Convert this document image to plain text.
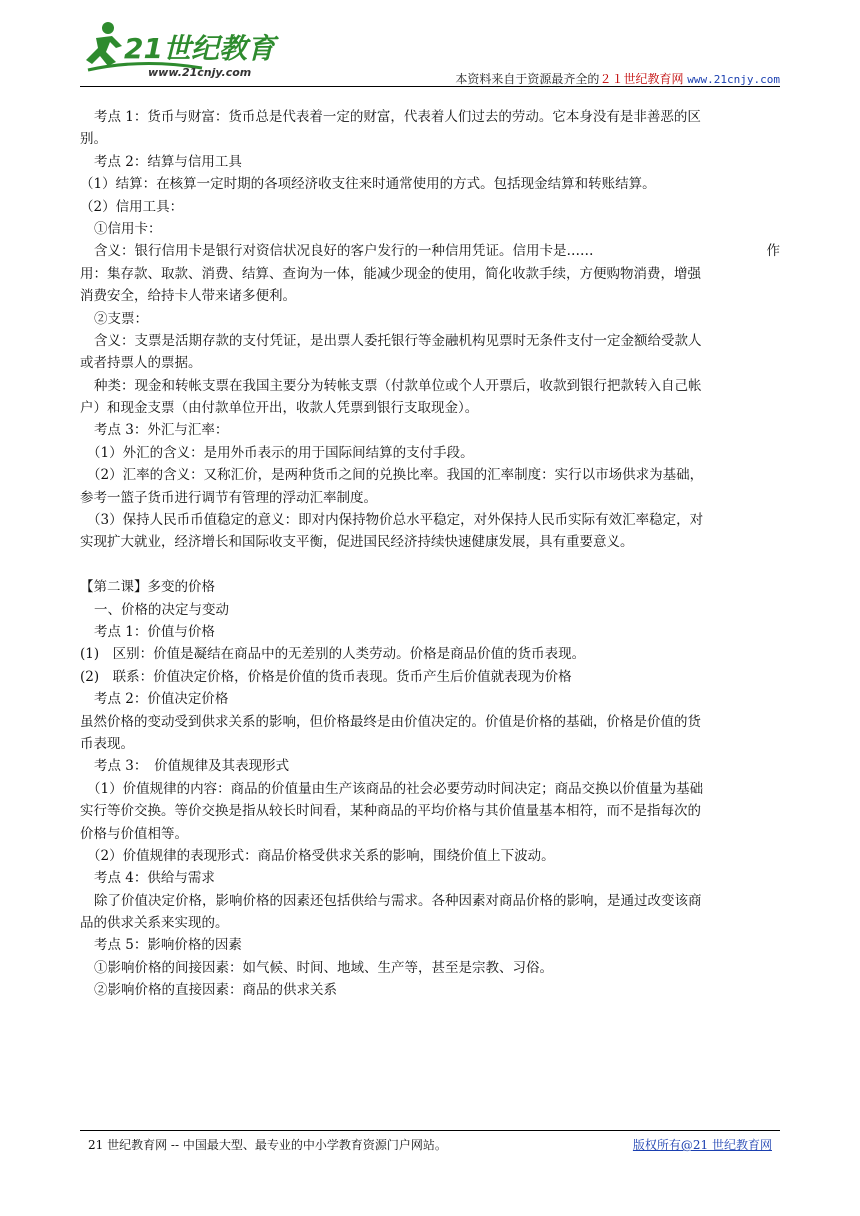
21世纪教育
www.21cnjy.com	本资料来自于资源最齐全的２１世纪教育网 www.21cnjy.com
考点 1：货币与财富：货币总是代表着一定的财富，代表着人们过去的劳动。它本身没有是非善恶的区
别。
考点 2：结算与信用工具
（1）结算：在核算一定时期的各项经济收支往来时通常使用的方式。包括现金结算和转账结算。
（2）信用工具：
①信用卡：
含义：银行信用卡是银行对资信状况良好的客户发行的一种信用凭证。信用卡是……	作
用：集存款、取款、消费、结算、查询为一体，能减少现金的使用，简化收款手续，方便购物消费，增强
消费安全，给持卡人带来诸多便利。
②支票：
含义：支票是活期存款的支付凭证，是出票人委托银行等金融机构见票时无条件支付一定金额给受款人
或者持票人的票据。
种类：现金和转帐支票在我国主要分为转帐支票（付款单位或个人开票后，收款到银行把款转入自己帐
户）和现金支票（由付款单位开出，收款人凭票到银行支取现金）。
考点 3：外汇与汇率：
（1）外汇的含义：是用外币表示的用于国际间结算的支付手段。
（2）汇率的含义：又称汇价，是两种货币之间的兑换比率。我国的汇率制度：实行以市场供求为基础，
参考一篮子货币进行调节有管理的浮动汇率制度。
（3）保持人民币币值稳定的意义：即对内保持物价总水平稳定，对外保持人民币实际有效汇率稳定，对
实现扩大就业，经济增长和国际收支平衡，促进国民经济持续快速健康发展，具有重要意义。
【第二课】多变的价格
一、价格的决定与变动
考点 1：价值与价格
(1)　区别：价值是凝结在商品中的无差别的人类劳动。价格是商品价值的货币表现。
(2)　联系：价值决定价格，价格是价值的货币表现。货币产生后价值就表现为价格
考点 2：价值决定价格
虽然价格的变动受到供求关系的影响，但价格最终是由价值决定的。价值是价格的基础，价格是价值的货
币表现。
考点 3：　价值规律及其表现形式
（1）价值规律的内容：商品的价值量由生产该商品的社会必要劳动时间决定；商品交换以价值量为基础
实行等价交换。等价交换是指从较长时间看，某种商品的平均价格与其价值量基本相符，而不是指每次的
价格与价值相等。
（2）价值规律的表现形式：商品价格受供求关系的影响，围绕价值上下波动。
考点 4：供给与需求
除了价值决定价格，影响价格的因素还包括供给与需求。各种因素对商品价格的影响，是通过改变该商
品的供求关系来实现的。
考点 5：影响价格的因素
①影响价格的间接因素：如气候、时间、地域、生产等，甚至是宗教、习俗。
②影响价格的直接因素：商品的供求关系
21 世纪教育网 -- 中国最大型、最专业的中小学教育资源门户网站。	版权所有@21 世纪教育网
